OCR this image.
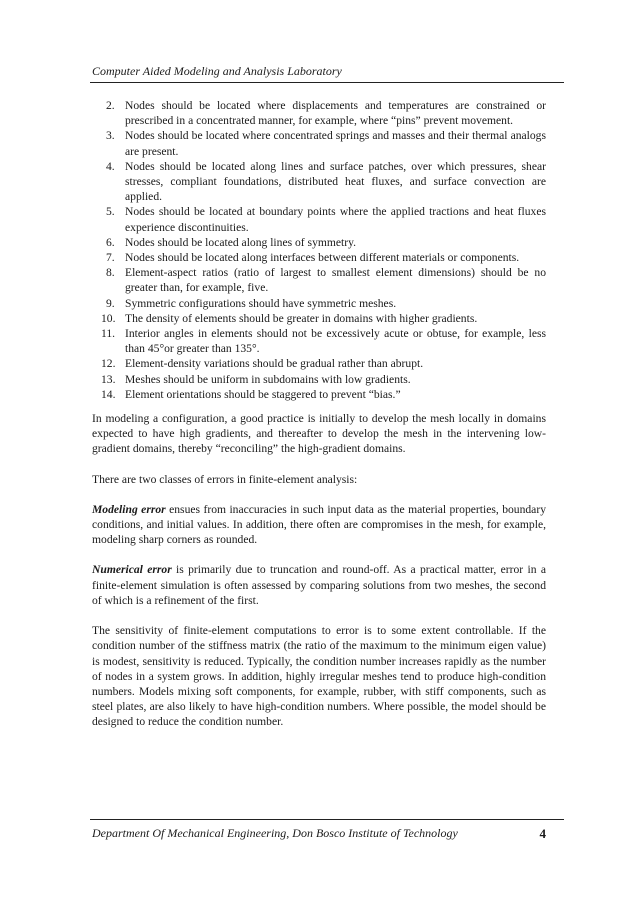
Computer Aided Modeling and Analysis Laboratory
2. Nodes should be located where displacements and temperatures are constrained or prescribed in a concentrated manner, for example, where “pins” prevent movement.
3. Nodes should be located where concentrated springs and masses and their thermal analogs are present.
4. Nodes should be located along lines and surface patches, over which pressures, shear stresses, compliant foundations, distributed heat fluxes, and surface convection are applied.
5. Nodes should be located at boundary points where the applied tractions and heat fluxes experience discontinuities.
6. Nodes should be located along lines of symmetry.
7. Nodes should be located along interfaces between different materials or components.
8. Element-aspect ratios (ratio of largest to smallest element dimensions) should be no greater than, for example, five.
9. Symmetric configurations should have symmetric meshes.
10. The density of elements should be greater in domains with higher gradients.
11. Interior angles in elements should not be excessively acute or obtuse, for example, less than 45°or greater than 135°.
12. Element-density variations should be gradual rather than abrupt.
13. Meshes should be uniform in subdomains with low gradients.
14. Element orientations should be staggered to prevent “bias.”

In modeling a configuration, a good practice is initially to develop the mesh locally in domains expected to have high gradients, and thereafter to develop the mesh in the intervening low-gradient domains, thereby “reconciling” the high-gradient domains.

There are two classes of errors in finite-element analysis:

Modeling error ensues from inaccuracies in such input data as the material properties, boundary conditions, and initial values. In addition, there often are compromises in the mesh, for example, modeling sharp corners as rounded.

Numerical error is primarily due to truncation and round-off. As a practical matter, error in a finite-element simulation is often assessed by comparing solutions from two meshes, the second of which is a refinement of the first.

The sensitivity of finite-element computations to error is to some extent controllable. If the condition number of the stiffness matrix (the ratio of the maximum to the minimum eigen value) is modest, sensitivity is reduced. Typically, the condition number increases rapidly as the number of nodes in a system grows. In addition, highly irregular meshes tend to produce high-condition numbers. Models mixing soft components, for example, rubber, with stiff components, such as steel plates, are also likely to have high-condition numbers. Where possible, the model should be designed to reduce the condition number.

Department Of Mechanical Engineering, Don Bosco Institute of Technology	4
